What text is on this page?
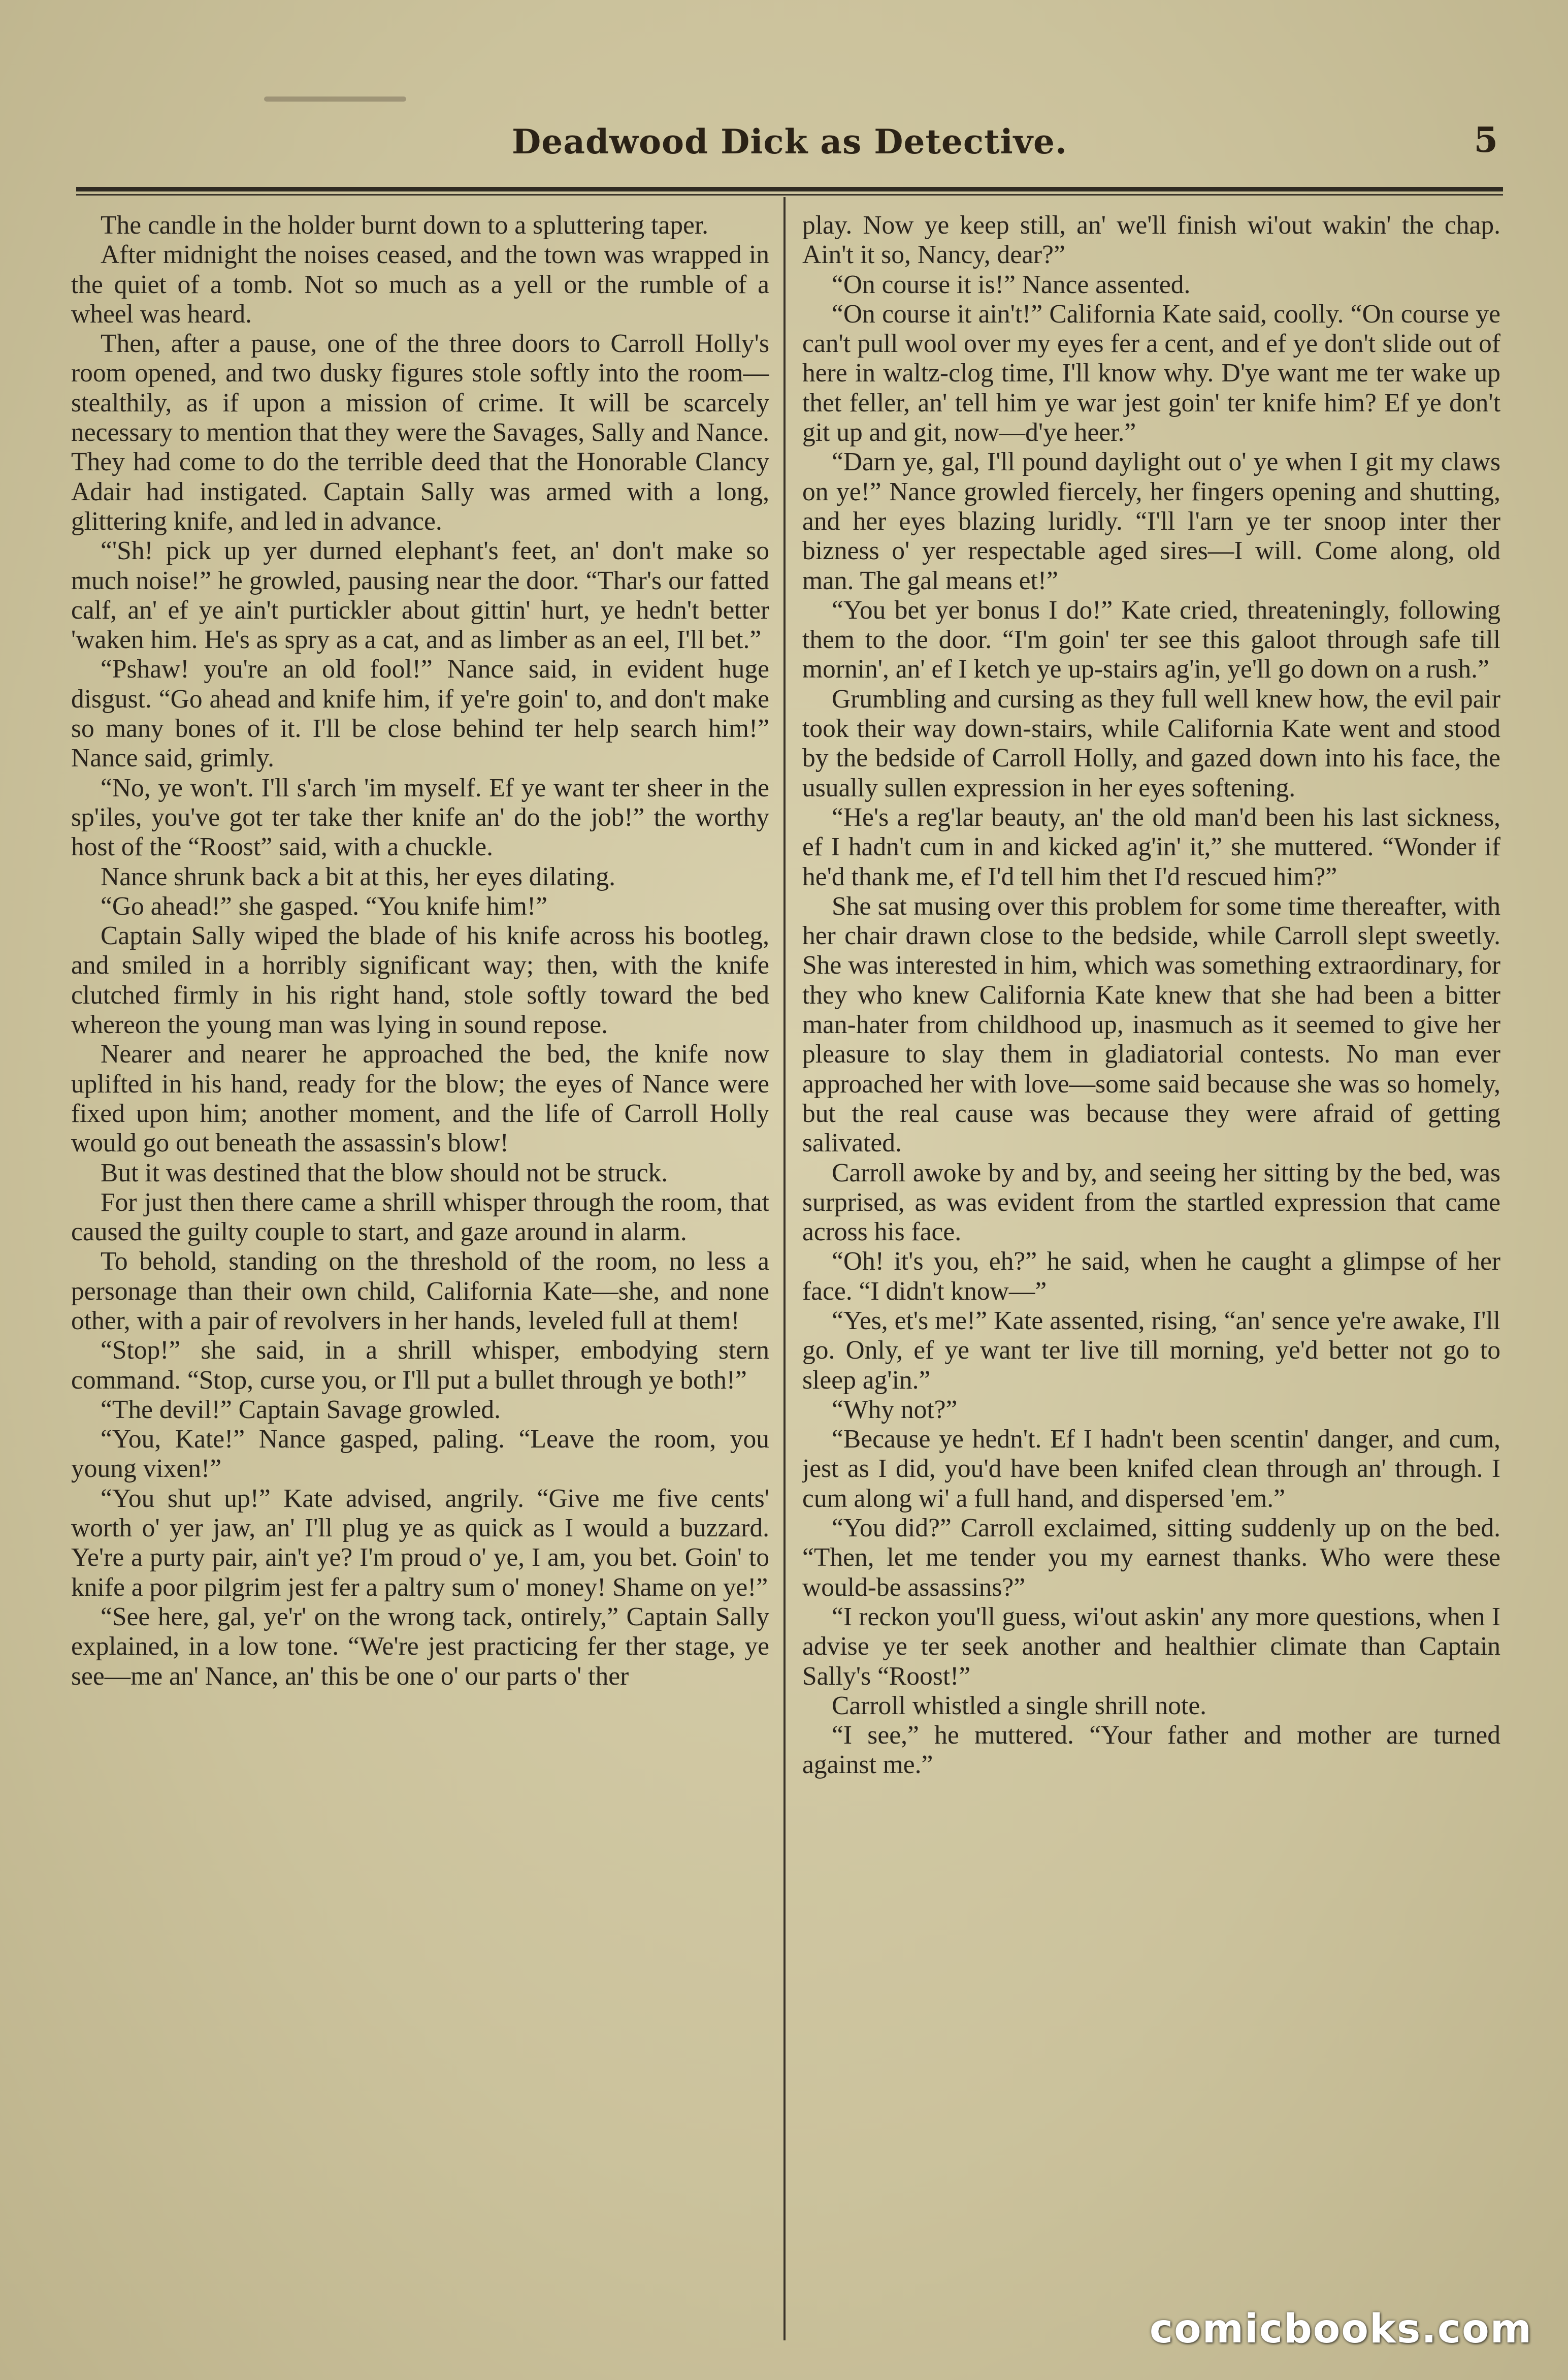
Deadwood Dick as Detective.	5

The candle in the holder burnt down to a spluttering taper.

After midnight the noises ceased, and the town was wrapped in the quiet of a tomb. Not so much as a yell or the rumble of a wheel was heard.

Then, after a pause, one of the three doors to Carroll Holly's room opened, and two dusky figures stole softly into the room—stealthily, as if upon a mission of crime. It will be scarcely necessary to mention that they were the Savages, Sally and Nance. They had come to do the terrible deed that the Honorable Clancy Adair had instigated. Captain Sally was armed with a long, glittering knife, and led in advance.

“'Sh! pick up yer durned elephant's feet, an' don't make so much noise!” he growled, pausing near the door. “Thar's our fatted calf, an' ef ye ain't purtickler about gittin' hurt, ye hedn't better 'waken him. He's as spry as a cat, and as limber as an eel, I'll bet.”

“Pshaw! you're an old fool!” Nance said, in evident huge disgust. “Go ahead and knife him, if ye're goin' to, and don't make so many bones of it. I'll be close behind ter help search him!” Nance said, grimly.

“No, ye won't. I'll s'arch 'im myself. Ef ye want ter sheer in the sp'iles, you've got ter take ther knife an' do the job!” the worthy host of the “Roost” said, with a chuckle.

Nance shrunk back a bit at this, her eyes dilating.

“Go ahead!” she gasped. “You knife him!”

Captain Sally wiped the blade of his knife across his bootleg, and smiled in a horribly significant way; then, with the knife clutched firmly in his right hand, stole softly toward the bed whereon the young man was lying in sound repose.

Nearer and nearer he approached the bed, the knife now uplifted in his hand, ready for the blow; the eyes of Nance were fixed upon him; another moment, and the life of Carroll Holly would go out beneath the assassin's blow!

But it was destined that the blow should not be struck.

For just then there came a shrill whisper through the room, that caused the guilty couple to start, and gaze around in alarm.

To behold, standing on the threshold of the room, no less a personage than their own child, California Kate—she, and none other, with a pair of revolvers in her hands, leveled full at them!

“Stop!” she said, in a shrill whisper, embodying stern command. “Stop, curse you, or I'll put a bullet through ye both!”

“The devil!” Captain Savage growled.

“You, Kate!” Nance gasped, paling. “Leave the room, you young vixen!”

“You shut up!” Kate advised, angrily. “Give me five cents' worth o' yer jaw, an' I'll plug ye as quick as I would a buzzard. Ye're a purty pair, ain't ye? I'm proud o' ye, I am, you bet. Goin' to knife a poor pilgrim jest fer a paltry sum o' money! Shame on ye!”

“See here, gal, ye'r' on the wrong tack, ontirely,” Captain Sally explained, in a low tone. “We're jest practicing fer ther stage, ye see—me an' Nance, an' this be one o' our parts o' ther

play. Now ye keep still, an' we'll finish wi'out wakin' the chap. Ain't it so, Nancy, dear?”

“On course it is!” Nance assented.

“On course it ain't!” California Kate said, coolly. “On course ye can't pull wool over my eyes fer a cent, and ef ye don't slide out of here in waltz-clog time, I'll know why. D'ye want me ter wake up thet feller, an' tell him ye war jest goin' ter knife him? Ef ye don't git up and git, now—d'ye heer.”

“Darn ye, gal, I'll pound daylight out o' ye when I git my claws on ye!” Nance growled fiercely, her fingers opening and shutting, and her eyes blazing luridly. “I'll l'arn ye ter snoop inter ther bizness o' yer respectable aged sires—I will. Come along, old man. The gal means et!”

“You bet yer bonus I do!” Kate cried, threateningly, following them to the door. “I'm goin' ter see this galoot through safe till mornin', an' ef I ketch ye up-stairs ag'in, ye'll go down on a rush.”

Grumbling and cursing as they full well knew how, the evil pair took their way down-stairs, while California Kate went and stood by the bedside of Carroll Holly, and gazed down into his face, the usually sullen expression in her eyes softening.

“He's a reg'lar beauty, an' the old man'd been his last sickness, ef I hadn't cum in and kicked ag'in' it,” she muttered. “Wonder if he'd thank me, ef I'd tell him thet I'd rescued him?”

She sat musing over this problem for some time thereafter, with her chair drawn close to the bedside, while Carroll slept sweetly. She was interested in him, which was something extraordinary, for they who knew California Kate knew that she had been a bitter man-hater from childhood up, inasmuch as it seemed to give her pleasure to slay them in gladiatorial contests. No man ever approached her with love—some said because she was so homely, but the real cause was because they were afraid of getting salivated.

Carroll awoke by and by, and seeing her sitting by the bed, was surprised, as was evident from the startled expression that came across his face.

“Oh! it's you, eh?” he said, when he caught a glimpse of her face. “I didn't know—”

“Yes, et's me!” Kate assented, rising, “an' sence ye're awake, I'll go. Only, ef ye want ter live till morning, ye'd better not go to sleep ag'in.”

“Why not?”

“Because ye hedn't. Ef I hadn't been scentin' danger, and cum, jest as I did, you'd have been knifed clean through an' through. I cum along wi' a full hand, and dispersed 'em.”

“You did?” Carroll exclaimed, sitting suddenly up on the bed. “Then, let me tender you my earnest thanks. Who were these would-be assassins?”

“I reckon you'll guess, wi'out askin' any more questions, when I advise ye ter seek another and healthier climate than Captain Sally's “Roost!”

Carroll whistled a single shrill note.

“I see,” he muttered. “Your father and mother are turned against me.”

comicbooks.com
